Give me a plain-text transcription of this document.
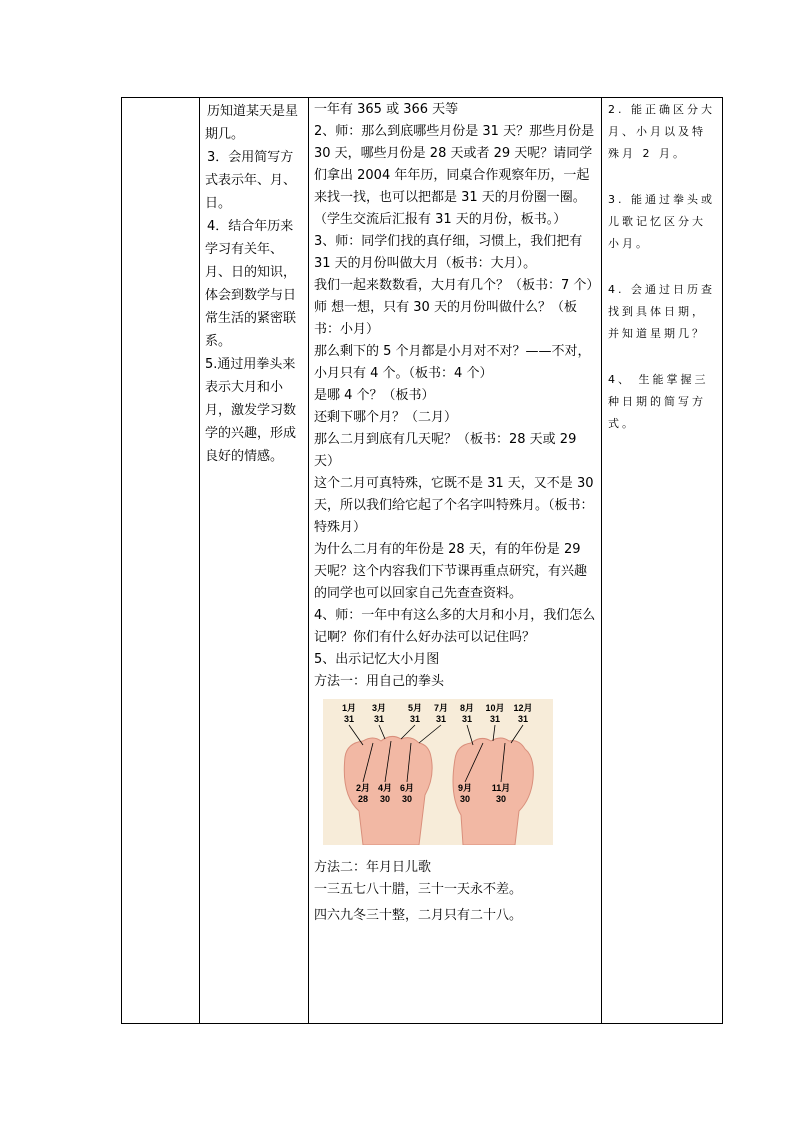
历知道某天是星期几。

3．会用简写方式表示年、月、日。

4．结合年历来学习有关年、月、日的知识，体会到数学与日常生活的紧密联系。

5.通过用拳头来表示大月和小月，激发学习数学的兴趣，形成良好的情感。

一年有 365 或 366 天等

2、师：那么到底哪些月份是 31 天？那些月份是 30 天，哪些月份是 28 天或者 29 天呢？请同学们拿出 2004 年年历，同桌合作观察年历，一起来找一找，也可以把都是 31 天的月份圈一圈。

（学生交流后汇报有 31 天的月份，板书。）

3、师：同学们找的真仔细，习惯上，我们把有 31 天的月份叫做大月（板书：大月）。

我们一起来数数看，大月有几个？（板书：7 个）师 想一想，只有 30 天的月份叫做什么？（板书：小月）

那么剩下的 5 个月都是小月对不对？——不对，小月只有 4 个。（板书：4 个）

是哪 4 个？（板书）

还剩下哪个月？（二月）

那么二月到底有几天呢？（板书：28 天或 29 天）

这个二月可真特殊，它既不是 31 天，又不是 30 天，所以我们给它起了个名字叫特殊月。（板书：特殊月）

为什么二月有的年份是 28 天，有的年份是 29 天呢？这个内容我们下节课再重点研究，有兴趣的同学也可以回家自己先查查资料。

4、师：一年中有这么多的大月和小月，我们怎么记啊？你们有什么好办法可以记住吗？

5、出示记忆大小月图

方法一：用自己的拳头

1月
31
3月
31
5月
31
7月
31
8月
31
10月
31
12月
31
2月
28
4月
30
6月
30
9月
30
11月
30

方法二：年月日儿歌

一三五七八十腊，三十一天永不差。

四六九冬三十整，二月只有二十八。

2. 能正确区分大月、小月以及特殊月 2 月。

3. 能通过拳头或儿歌记忆区分大小月。

4. 会通过日历查找到具体日期，并知道星期几？

4、 生能掌握三种日期的简写方式。
